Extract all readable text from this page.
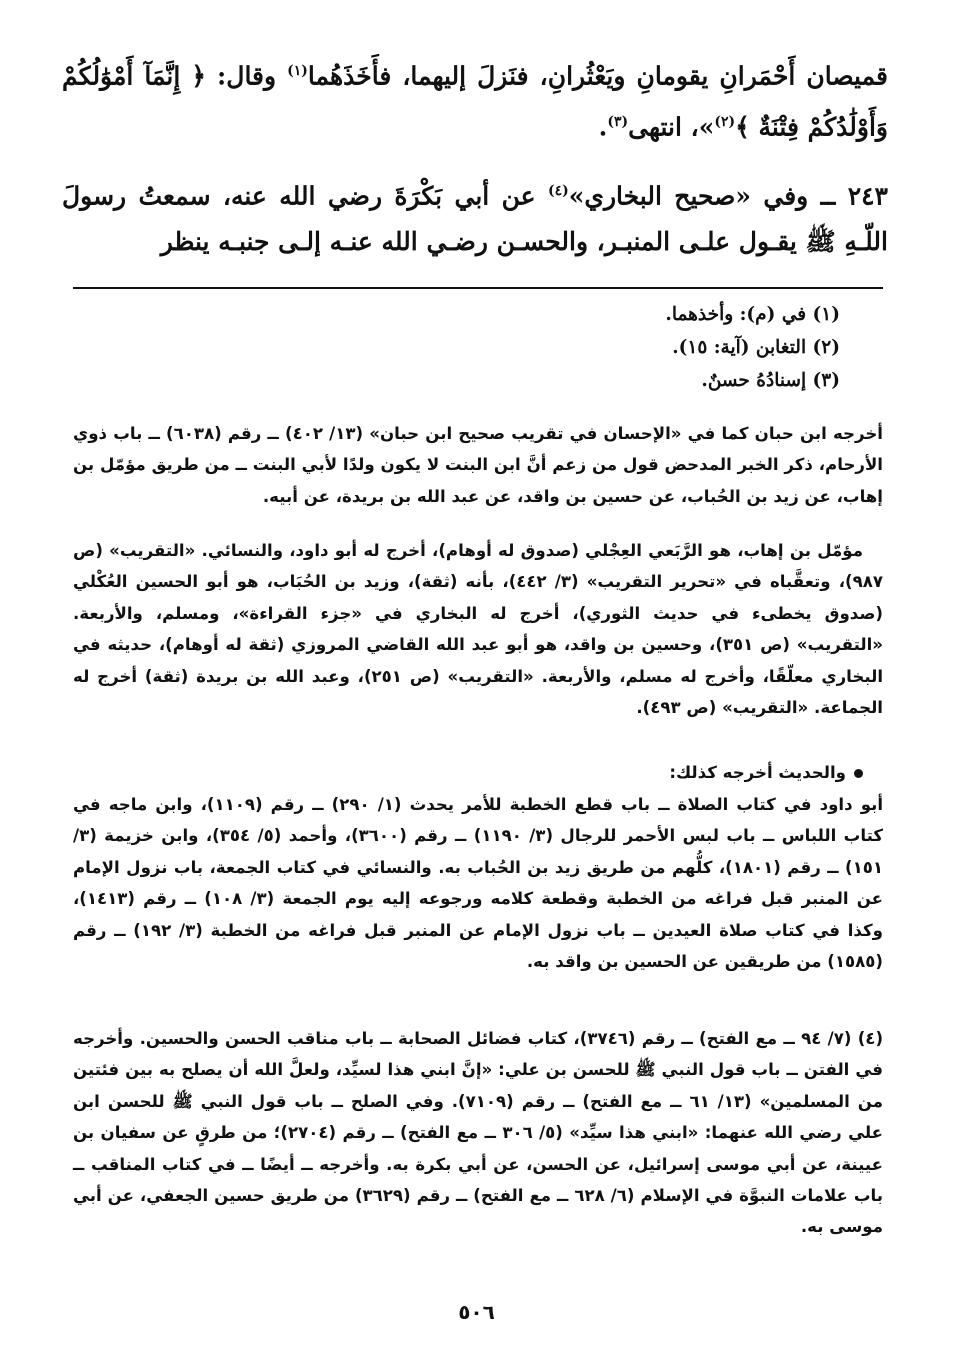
قميصان أَحْمَرانِ يقومانِ ويَعْثُرانِ، فنَزلَ إليهما، فأَخَذَهُما$^{(١)}$ وقال: ﴿ إِنَّمَآ أَمْوَٰلُكُمْ وَأَوْلَٰدُكُمْ فِتْنَةٌ ﴾$^{(٢)}$»، انتهى$^{(٣)}$.
٢٤٣ ــ وفي «صحيح البخاري»$^{(٤)}$ عن أبي بَكْرَةَ رضي الله عنه، سمعتُ رسولَ اللّـهِ ﷺ يقـول علـى المنبـر، والحسـن رضـي الله عنـه إلـى جنبـه ينظر
(١) في (م): وأخذهما.
(٢) التغابن (آية: ١٥).
(٣) إسنادُهُ حسنٌ.

أخرجه ابن حبان كما في «الإحسان في تقريب صحيح ابن حبان» (١٣/ ٤٠٢) ــ رقم (٦٠٣٨) ــ باب ذوي الأرحام، ذكر الخبر المدحض قول من زعم أنَّ ابن البنت لا يكون ولدًا لأبي البنت ــ من طريق مؤمّل بن إهاب، عن زيد بن الحُباب، عن حسين بن واقد، عن عبد الله بن بريدة، عن أبيه.

مؤمّل بن إهاب، هو الرَّبَعي العِجْلي (صدوق له أوهام)، أخرج له أبو داود، والنسائي. «التقريب» (ص ٩٨٧)، وتعقَّباه في «تحرير التقريب» (٣/ ٤٤٢)، بأنه (ثقة)، وزيد بن الحُبَاب، هو أبو الحسين العُكْلي (صدوق يخطىء في حديث الثوري)، أخرج له البخاري في «جزء القراءة»، ومسلم، والأربعة. «التقريب» (ص ٣٥١)، وحسين بن واقد، هو أبو عبد الله القاضي المروزي (ثقة له أوهام)، حديثه في البخاري معلّقًا، وأخرج له مسلم، والأربعة. «التقريب» (ص ٢٥١)، وعبد الله بن بريدة (ثقة) أخرج له الجماعة. «التقريب» (ص ٤٩٣).

والحديث أخرجه كذلك:

أبو داود في كتاب الصلاة ــ باب قطع الخطبة للأمر يحدث (١/ ٢٩٠) ــ رقم (١١٠٩)، وابن ماجه في كتاب اللباس ــ باب لبس الأحمر للرجال (٣/ ١١٩٠) ــ رقم (٣٦٠٠)، وأحمد (٥/ ٣٥٤)، وابن خزيمة (٣/ ١٥١) ــ رقم (١٨٠١)، كلُّهم من طريق زيد بن الحُباب به. والنسائي في كتاب الجمعة، باب نزول الإمام عن المنبر قبل فراغه من الخطبة وقطعة كلامه ورجوعه إليه يوم الجمعة (٣/ ١٠٨) ــ رقم (١٤١٣)، وكذا في كتاب صلاة العيدين ــ باب نزول الإمام عن المنبر قبل فراغه من الخطبة (٣/ ١٩٢) ــ رقم (١٥٨٥) من طريقين عن الحسين بن واقد به.

(٤) (٧/ ٩٤ ــ مع الفتح) ــ رقم (٣٧٤٦)، كتاب فضائل الصحابة ــ باب مناقب الحسن والحسين. وأخرجه في الفتن ــ باب قول النبي ﷺ للحسن بن علي: «إنَّ ابني هذا لسيِّد، ولعلَّ الله أن يصلح به بين فئتين من المسلمين» (١٣/ ٦١ ــ مع الفتح) ــ رقم (٧١٠٩). وفي الصلح ــ باب قول النبي ﷺ للحسن ابن علي رضي الله عنهما: «ابني هذا سيِّد» (٥/ ٣٠٦ ــ مع الفتح) ــ رقم (٢٧٠٤)؛ من طرقٍ عن سفيان بن عيينة، عن أبي موسى إسرائيل، عن الحسن، عن أبي بكرة به. وأخرجه ــ أيضًا ــ في كتاب المناقب ــ باب علامات النبوَّة في الإسلام (٦/ ٦٢٨ ــ مع الفتح) ــ رقم (٣٦٢٩) من طريق حسين الجعفي، عن أبي موسى به.

٥٠٦
